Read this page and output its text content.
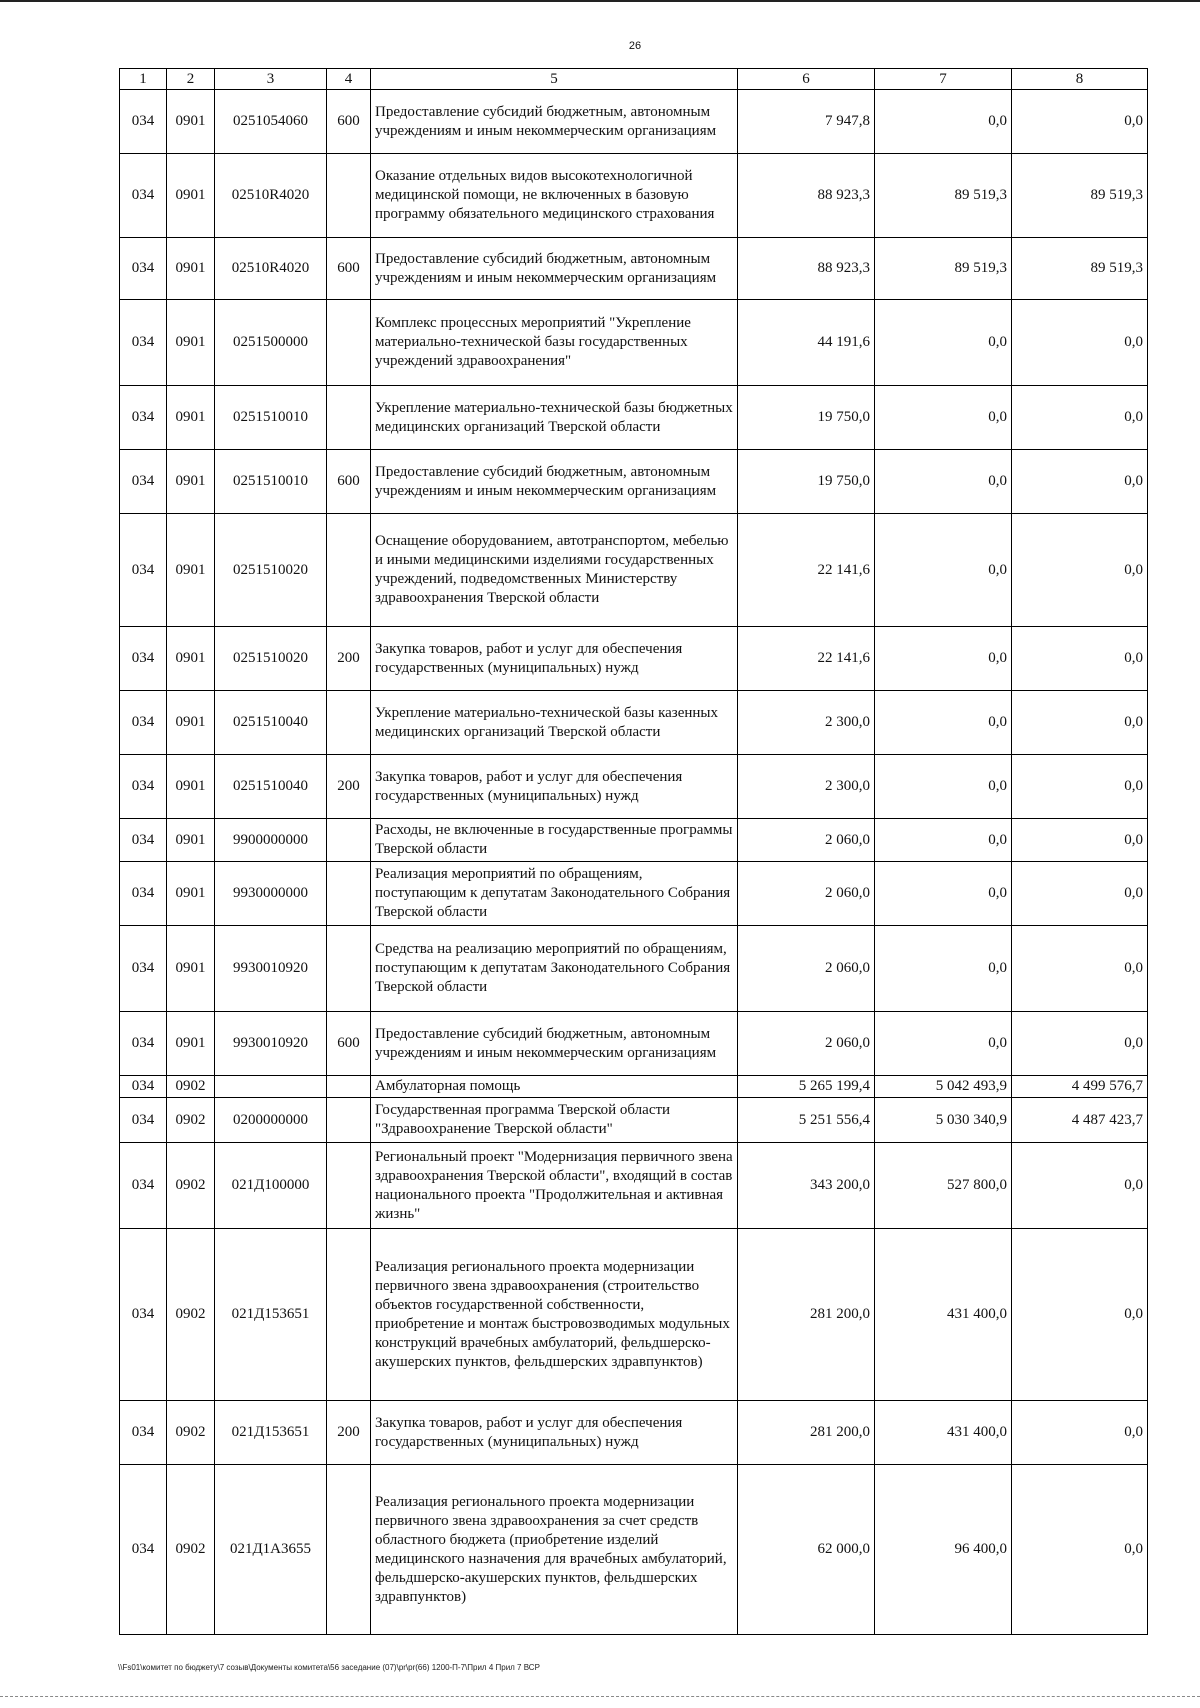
26
1	2	3	4	5	6	7	8
034	0901	0251054060	600	Предоставление субсидий бюджетным, автономным учреждениям и иным некоммерческим организациям	7 947,8	0,0	0,0
034	0901	02510R4020		Оказание отдельных видов высокотехнологичной медицинской помощи, не включенных в базовую программу обязательного медицинского страхования	88 923,3	89 519,3	89 519,3
034	0901	02510R4020	600	Предоставление субсидий бюджетным, автономным учреждениям и иным некоммерческим организациям	88 923,3	89 519,3	89 519,3
034	0901	0251500000		Комплекс процессных мероприятий "Укрепление материально-технической базы государственных учреждений здравоохранения"	44 191,6	0,0	0,0
034	0901	0251510010		Укрепление материально-технической базы бюджетных медицинских организаций Тверской области	19 750,0	0,0	0,0
034	0901	0251510010	600	Предоставление субсидий бюджетным, автономным учреждениям и иным некоммерческим организациям	19 750,0	0,0	0,0
034	0901	0251510020		Оснащение оборудованием, автотранспортом, мебелью и иными медицинскими изделиями государственных учреждений, подведомственных Министерству здравоохранения Тверской области	22 141,6	0,0	0,0
034	0901	0251510020	200	Закупка товаров, работ и услуг для обеспечения государственных (муниципальных) нужд	22 141,6	0,0	0,0
034	0901	0251510040		Укрепление материально-технической базы казенных медицинских организаций Тверской области	2 300,0	0,0	0,0
034	0901	0251510040	200	Закупка товаров, работ и услуг для обеспечения государственных (муниципальных) нужд	2 300,0	0,0	0,0
034	0901	9900000000		Расходы, не включенные в государственные программы Тверской области	2 060,0	0,0	0,0
034	0901	9930000000		Реализация мероприятий по обращениям, поступающим к депутатам Законодательного Собрания Тверской области	2 060,0	0,0	0,0
034	0901	9930010920		Средства на реализацию мероприятий по обращениям, поступающим к депутатам Законодательного Собрания Тверской области	2 060,0	0,0	0,0
034	0901	9930010920	600	Предоставление субсидий бюджетным, автономным учреждениям и иным некоммерческим организациям	2 060,0	0,0	0,0
034	0902			Амбулаторная помощь	5 265 199,4	5 042 493,9	4 499 576,7
034	0902	0200000000		Государственная программа Тверской области "Здравоохранение Тверской области"	5 251 556,4	5 030 340,9	4 487 423,7
034	0902	021Д100000		Региональный проект "Модернизация первичного звена здравоохранения Тверской области", входящий в состав национального проекта "Продолжительная и активная жизнь"	343 200,0	527 800,0	0,0
034	0902	021Д153651		Реализация регионального проекта модернизации первичного звена здравоохранения (строительство объектов государственной собственности, приобретение и монтаж быстровозводимых модульных конструкций врачебных амбулаторий, фельдшерско-акушерских пунктов, фельдшерских здравпунктов)	281 200,0	431 400,0	0,0
034	0902	021Д153651	200	Закупка товаров, работ и услуг для обеспечения государственных (муниципальных) нужд	281 200,0	431 400,0	0,0
034	0902	021Д1А3655		Реализация регионального проекта модернизации первичного звена здравоохранения за счет средств областного бюджета (приобретение изделий медицинского назначения для врачебных амбулаторий, фельдшерско-акушерских пунктов, фельдшерских здравпунктов)	62 000,0	96 400,0	0,0
\\Fs01\комитет по бюджету\7 созыв\Документы комитета\56 заседание (07)\pr\pr(66) 1200-П-7\Прил 4 Прил 7 ВСР
